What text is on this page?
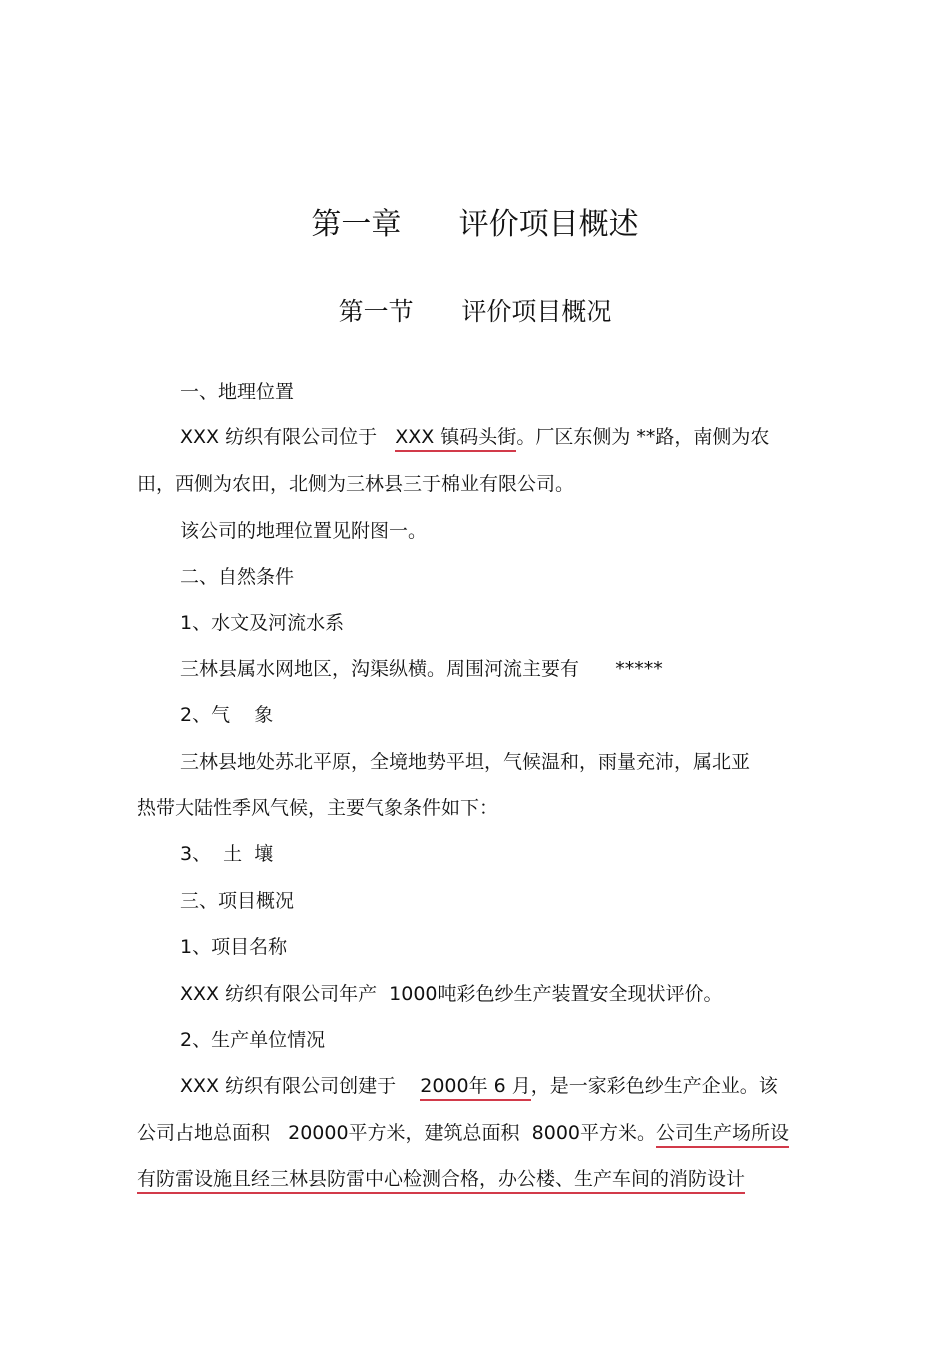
第一章      评价项目概述
第一节      评价项目概况
一、地理位置
XXX 纺织有限公司位于   XXX 镇码头街。厂区东侧为 **路，南侧为农
田，西侧为农田，北侧为三林县三于棉业有限公司。
该公司的地理位置见附图一。
二、自然条件
1、水文及河流水系
三林县属水网地区，沟渠纵横。周围河流主要有      *****
2、气    象
三林县地处苏北平原，全境地势平坦，气候温和，雨量充沛，属北亚
热带大陆性季风气候，主要气象条件如下：
3、  土  壤
三、项目概况
1、项目名称
XXX 纺织有限公司年产  1000吨彩色纱生产装置安全现状评价。
2、生产单位情况
XXX 纺织有限公司创建于    2000年 6 月，是一家彩色纱生产企业。该
公司占地总面积   20000平方米，建筑总面积  8000平方米。公司生产场所设
有防雷设施且经三林县防雷中心检测合格，办公楼、生产车间的消防设计
